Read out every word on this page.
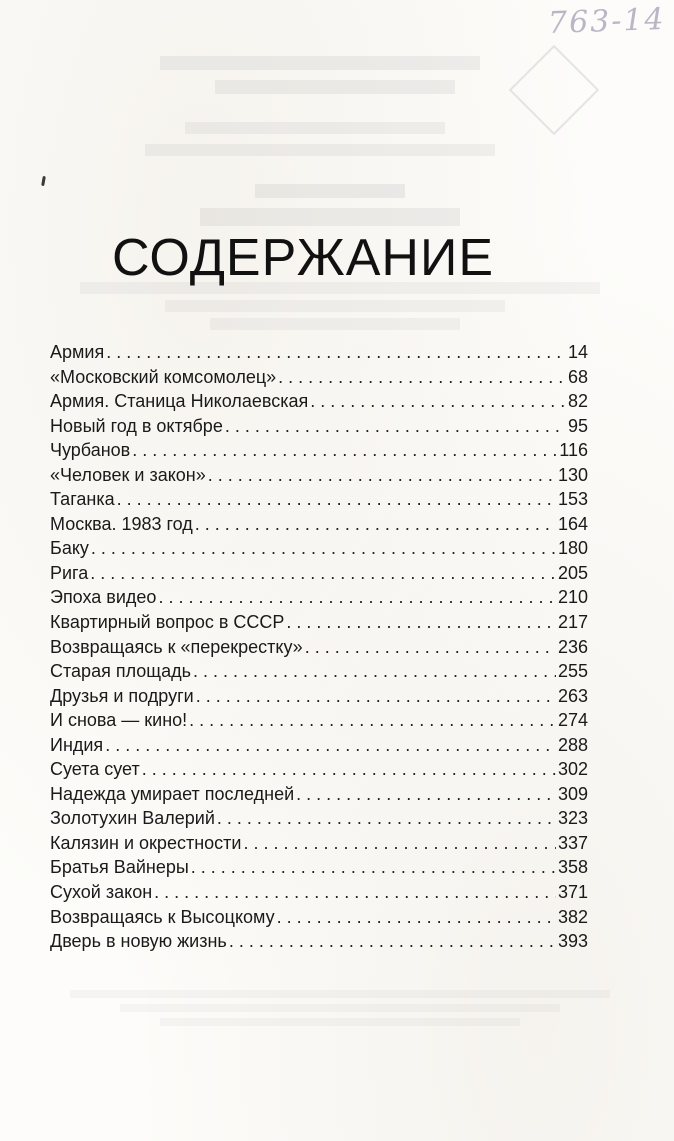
763-14
СОДЕРЖАНИЕ
Армия . . .	14
«Московский комсомолец» . . .	68
Армия. Станица Николаевская . . .	82
Новый год в октябре . . .	95
Чурбанов . . .	116
«Человек и закон» . . .	130
Таганка . . .	153
Москва. 1983 год . . .	164
Баку . . .	180
Рига . . .	205
Эпоха видео . . .	210
Квартирный вопрос в СССР . . .	217
Возвращаясь к «перекрестку» . . .	236
Старая площадь . . .	255
Друзья и подруги . . .	263
И снова — кино! . . .	274
Индия . . .	288
Суета сует . . .	302
Надежда умирает последней . . .	309
Золотухин Валерий . . .	323
Калязин и окрестности . . .	337
Братья Вайнеры . . .	358
Сухой закон . . .	371
Возвращаясь к Высоцкому . . .	382
Дверь в новую жизнь . . .	393
